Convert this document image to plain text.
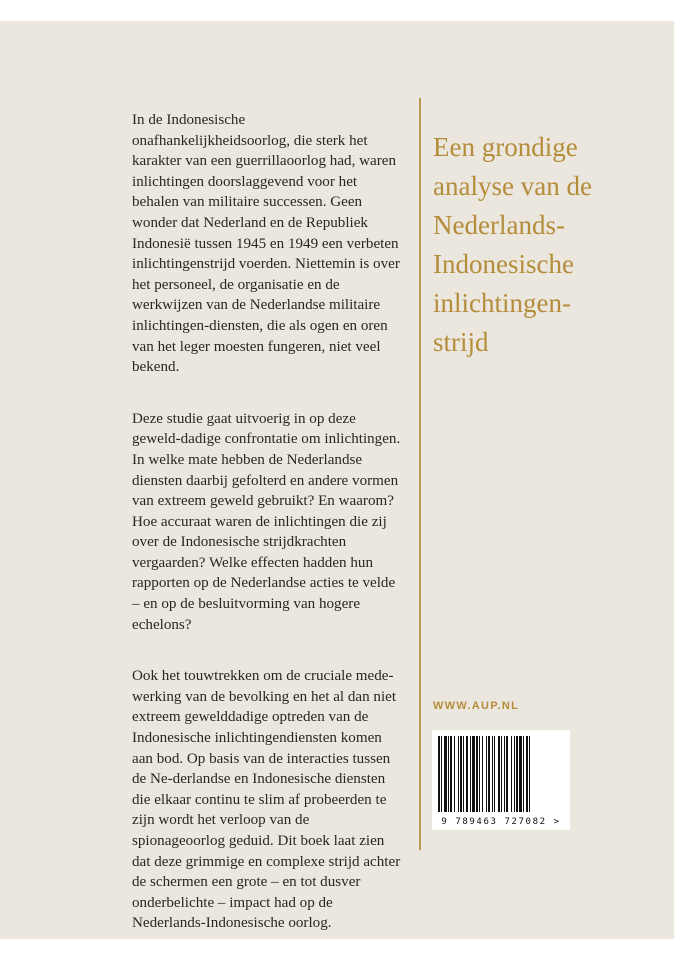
In de Indonesische onafhankelijkheidsoorlog, die sterk het karakter van een guerrillaoorlog had, waren inlichtingen doorslaggevend voor het behalen van militaire successen. Geen wonder dat Nederland en de Republiek Indonesië tussen 1945 en 1949 een verbeten inlichtingenstrijd voerden. Niettemin is over het personeel, de organisatie en de werkwijzen van de Nederlandse militaire inlichtingen-diensten, die als ogen en oren van het leger moesten fungeren, niet veel bekend.

Deze studie gaat uitvoerig in op deze geweld-dadige confrontatie om inlichtingen. In welke mate hebben de Nederlandse diensten daarbij gefolterd en andere vormen van extreem geweld gebruikt? En waarom? Hoe accuraat waren de inlichtingen die zij over de Indonesische strijdkrachten vergaarden? Welke effecten hadden hun rapporten op de Nederlandse acties te velde – en op de besluitvorming van hogere echelons?

Ook het touwtrekken om de cruciale mede-werking van de bevolking en het al dan niet extreem gewelddadige optreden van de Indonesische inlichtingendiensten komen aan bod. Op basis van de interacties tussen de Ne-derlandse en Indonesische diensten die elkaar continu te slim af probeerden te zijn wordt het verloop van de spionageoorlog geduid. Dit boek laat zien dat deze grimmige en complexe strijd achter de schermen een grote – en tot dusver onderbelichte – impact had op de Nederlands-Indonesische oorlog.

Een grondige
analyse van de
Nederlands-
Indonesische
inlichtingen-
strijd
WWW.AUP.NL
9 789463 727082 >
